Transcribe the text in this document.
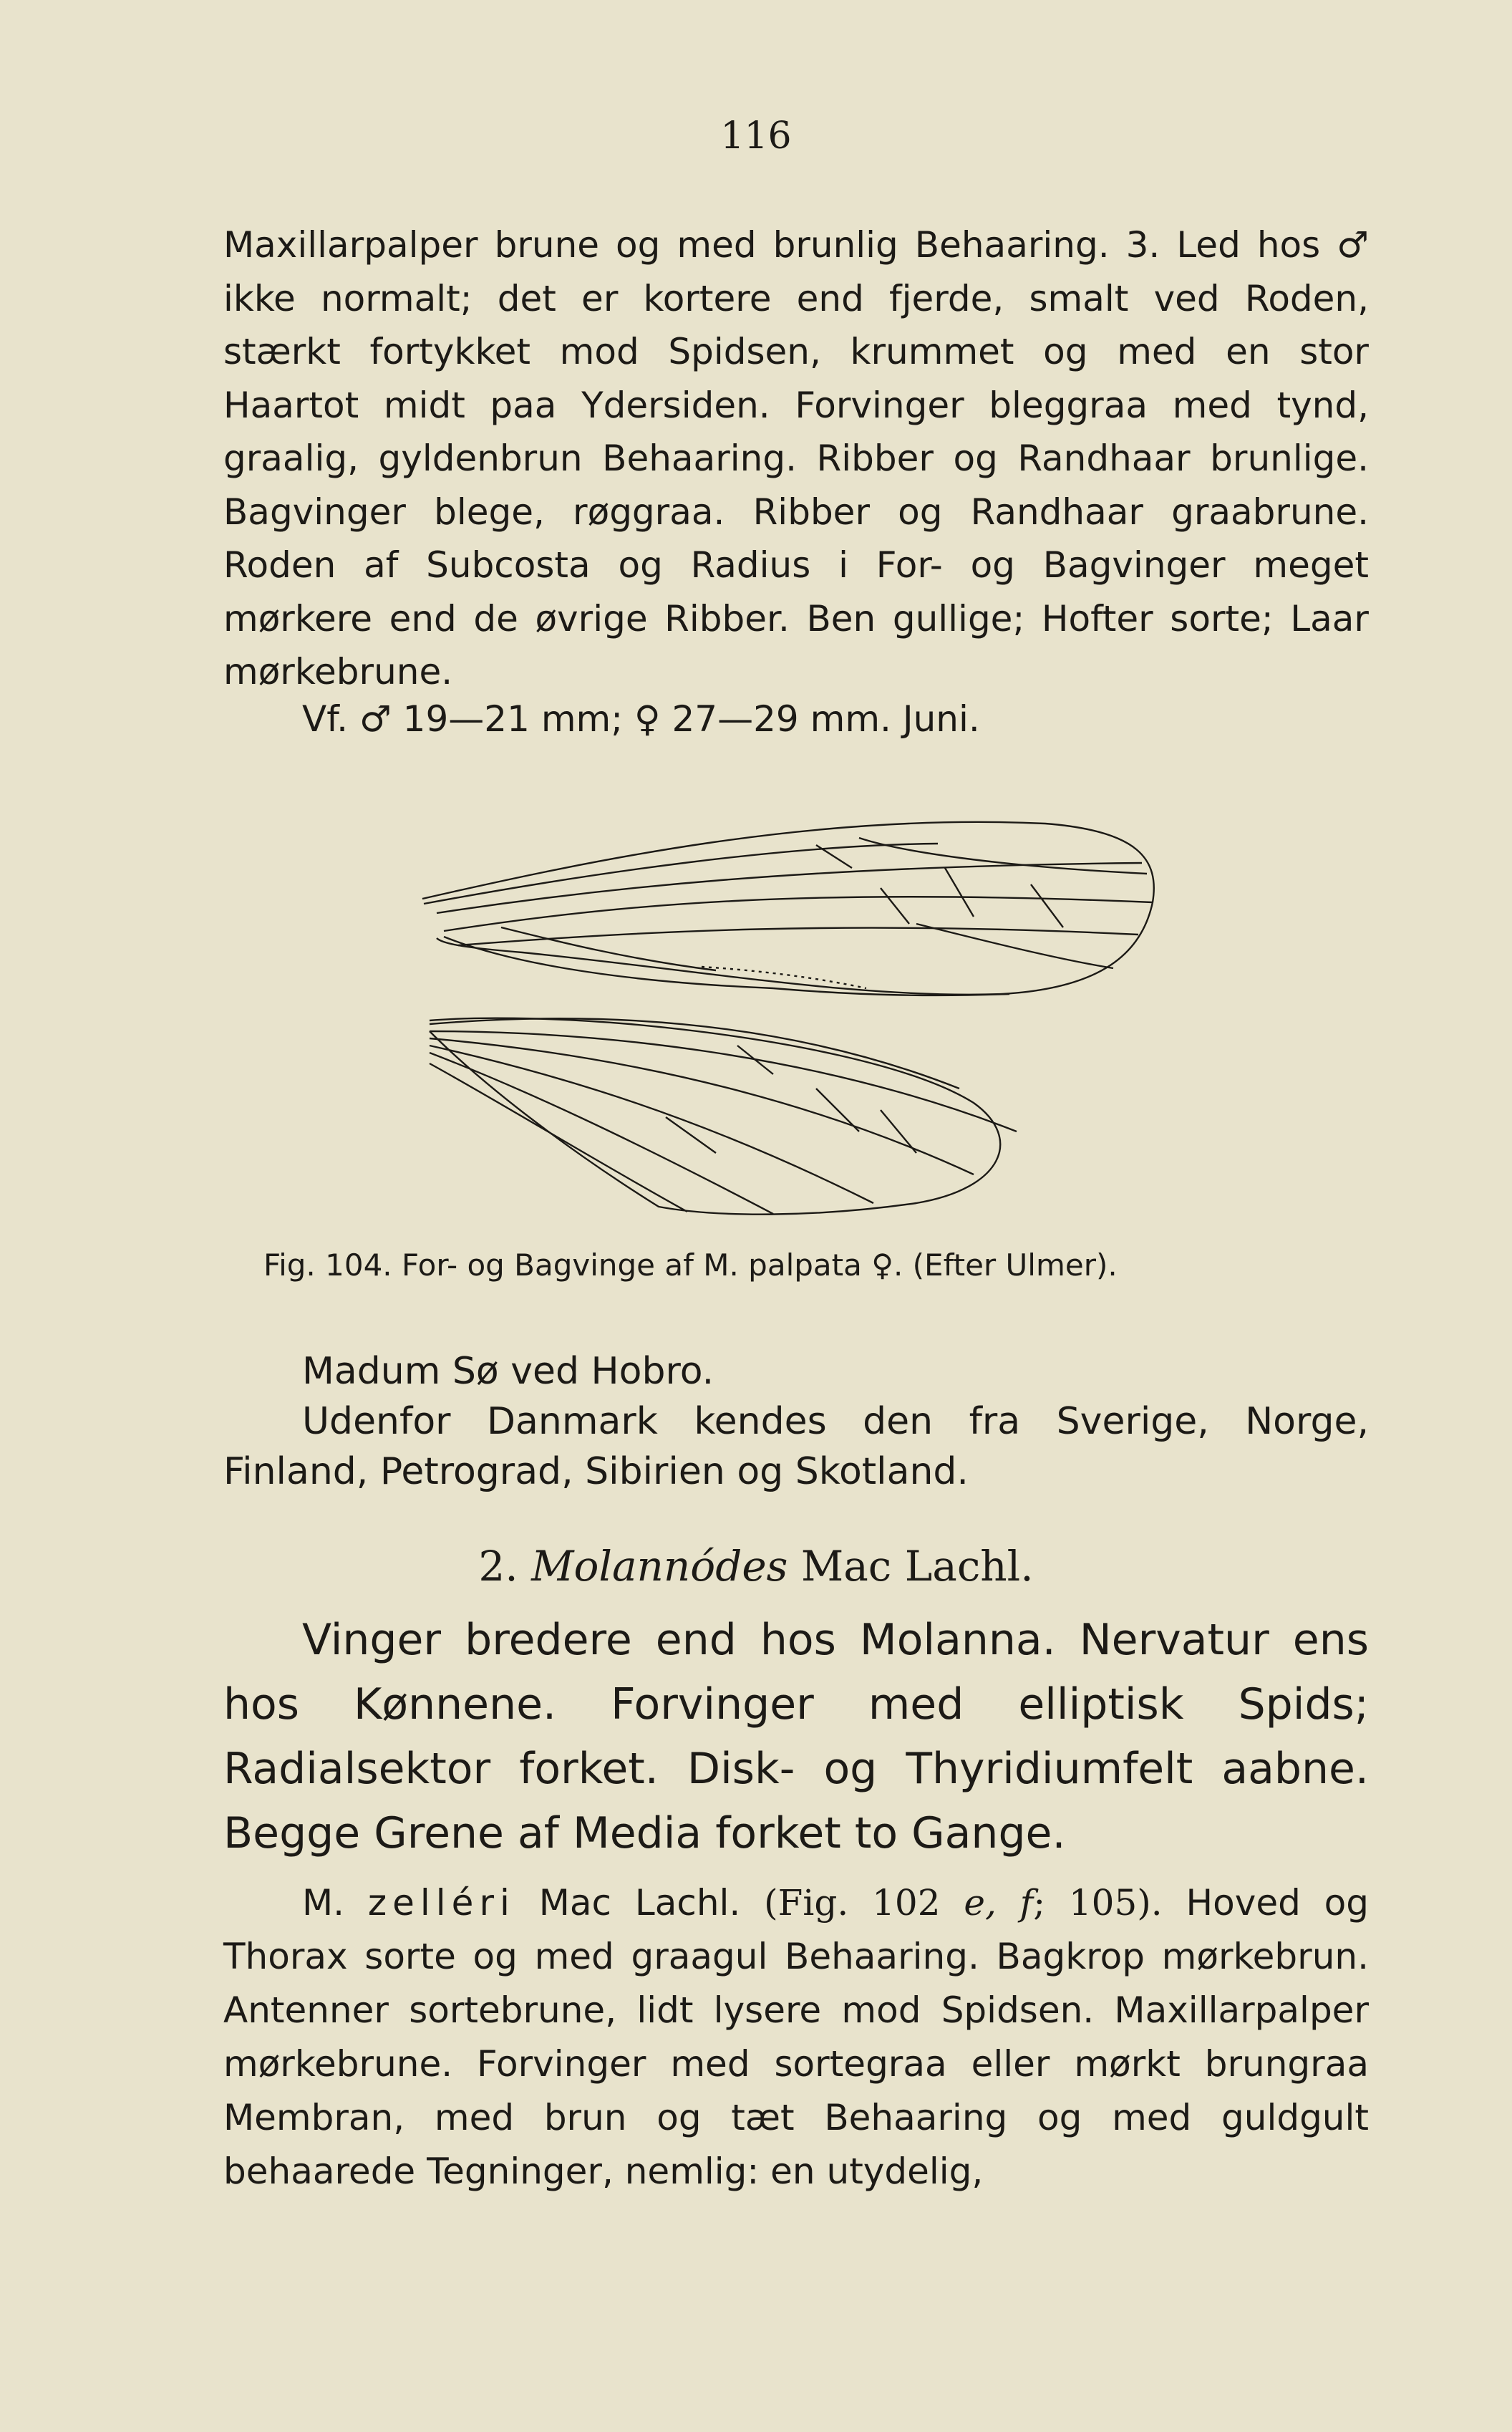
116

Maxillarpalper brune og med brunlig Behaaring. 3. Led hos ♂ ikke normalt; det er kortere end fjerde, smalt ved Roden, stærkt fortykket mod Spidsen, krummet og med en stor Haartot midt paa Ydersiden. Forvinger bleggraa med tynd, graalig, gyldenbrun Behaaring. Ribber og Randhaar brunlige. Bagvinger blege, røggraa. Ribber og Randhaar graabrune. Roden af Subcosta og Radius i For- og Bagvinger meget mørkere end de øvrige Ribber. Ben gullige; Hofter sorte; Laar mørkebrune.

Vf. ♂ 19—21 mm; ♀ 27—29 mm. Juni.
Fig. 104. For- og Bagvinge af M. palpata ♀. (Efter Ulmer).

Madum Sø ved Hobro.

Udenfor Danmark kendes den fra Sverige, Norge, Finland, Petrograd, Sibirien og Skotland.

2. Molannódes Mac Lachl.

Vinger bredere end hos Molanna. Nervatur ens hos Kønnene. Forvinger med elliptisk Spids; Radialsektor forket. Disk- og Thyridiumfelt aabne. Begge Grene af Media forket to Gange.

M. zelléri Mac Lachl. (Fig. 102 e, f; 105). Hoved og Thorax sorte og med graagul Behaaring. Bagkrop mørkebrun. Antenner sortebrune, lidt lysere mod Spidsen. Maxillarpalper mørkebrune. Forvinger med sortegraa eller mørkt brungraa Membran, med brun og tæt Behaaring og med guldgult behaarede Tegninger, nemlig: en utydelig,
